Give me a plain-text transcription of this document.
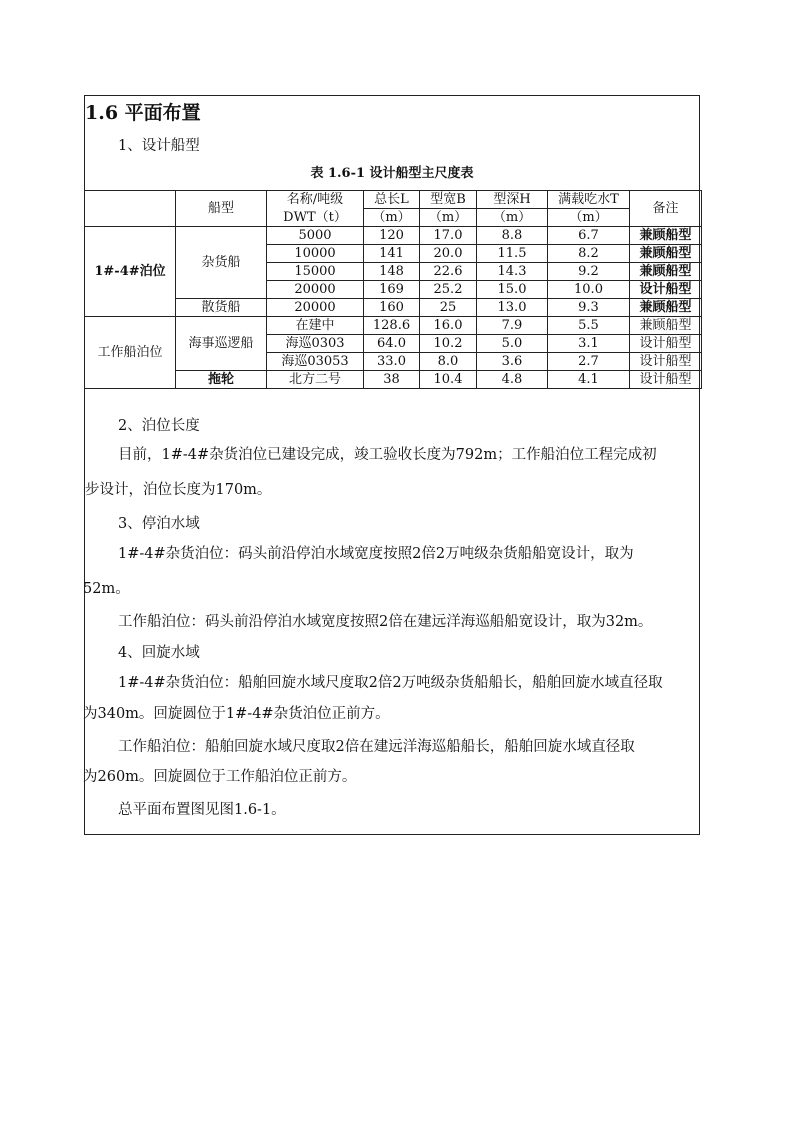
1.6 平面布置
1、设计船型
表 1.6-1 设计船型主尺度表
	船型	名称/吨级	总长L	型宽B	型深H	满载吃水T	备注
		DWT（t）	（m）	（m）	（m）	（m）	
1#-4#泊位	杂货船	5000	120	17.0	8.8	6.7	兼顾船型
		10000	141	20.0	11.5	8.2	兼顾船型
		15000	148	22.6	14.3	9.2	兼顾船型
		20000	169	25.2	15.0	10.0	设计船型
	散货船	20000	160	25	13.0	9.3	兼顾船型
工作船泊位	海事巡逻船	在建中	128.6	16.0	7.9	5.5	兼顾船型
		海巡0303	64.0	10.2	5.0	3.1	设计船型
		海巡03053	33.0	8.0	3.6	2.7	设计船型
	拖轮	北方二号	38	10.4	4.8	4.1	设计船型
2、泊位长度
目前，1#-4#杂货泊位已建设完成，竣工验收长度为792m；工作船泊位工程完成初
步设计，泊位长度为170m。
3、停泊水域
1#-4#杂货泊位：码头前沿停泊水域宽度按照2倍2万吨级杂货船船宽设计，取为
52m。
工作船泊位：码头前沿停泊水域宽度按照2倍在建远洋海巡船船宽设计，取为32m。
4、回旋水域
1#-4#杂货泊位：船舶回旋水域尺度取2倍2万吨级杂货船船长，船舶回旋水域直径取
为340m。回旋圆位于1#-4#杂货泊位正前方。
工作船泊位：船舶回旋水域尺度取2倍在建远洋海巡船船长，船舶回旋水域直径取
为260m。回旋圆位于工作船泊位正前方。
总平面布置图见图1.6-1。
